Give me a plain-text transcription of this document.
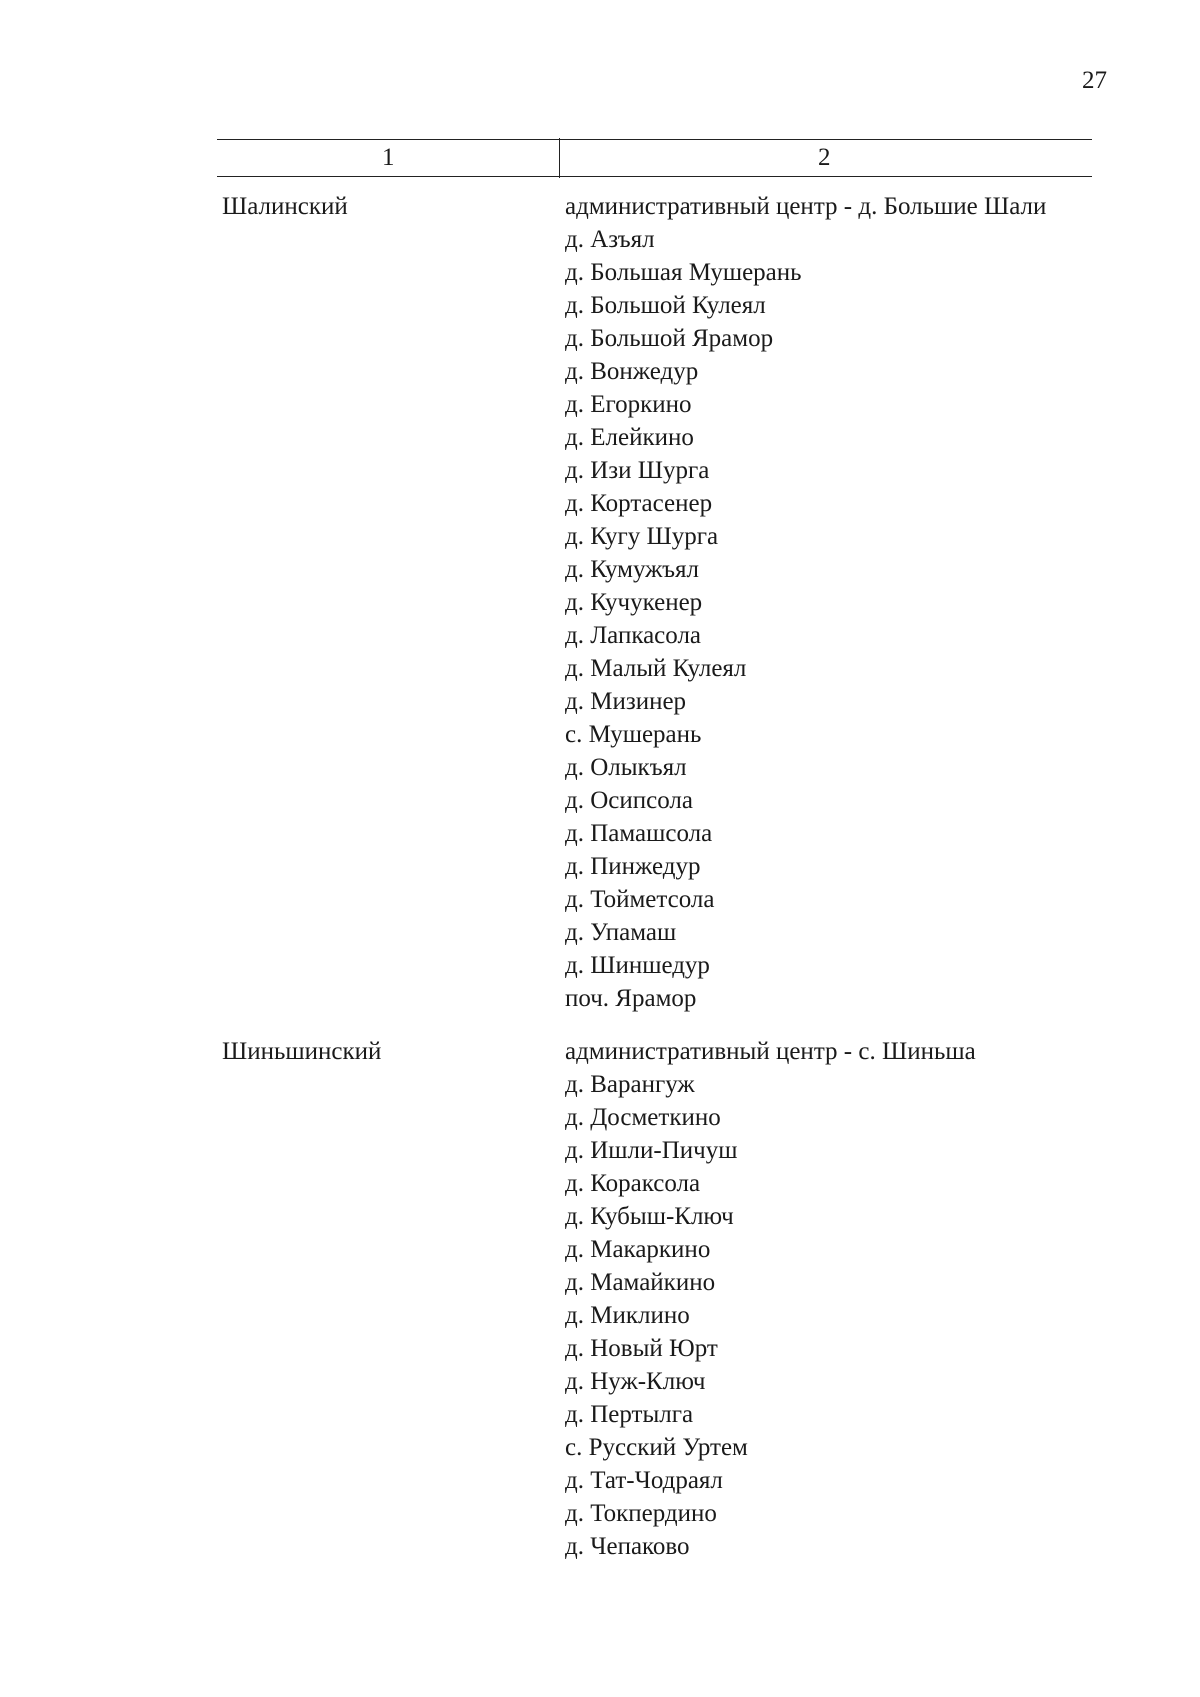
27
1	2
Шалинский	административный центр - д. Большие Шали
д. Азъял
д. Большая Мушерань
д. Большой Кулеял
д. Большой Ярамор
д. Вонжедур
д. Егоркино
д. Елейкино
д. Изи Шурга
д. Кортасенер
д. Кугу Шурга
д. Кумужъял
д. Кучукенер
д. Лапкасола
д. Малый Кулеял
д. Мизинер
с. Мушерань
д. Олыкъял
д. Осипсола
д. Памашсола
д. Пинжедур
д. Тойметсола
д. Упамаш
д. Шиншедур
поч. Ярамор
Шиньшинский	административный центр - с. Шиньша
д. Варангуж
д. Досметкино
д. Ишли-Пичуш
д. Кораксола
д. Кубыш-Ключ
д. Макаркино
д. Мамайкино
д. Миклино
д. Новый Юрт
д. Нуж-Ключ
д. Пертылга
с. Русский Уртем
д. Тат-Чодраял
д. Токпердино
д. Чепаково
